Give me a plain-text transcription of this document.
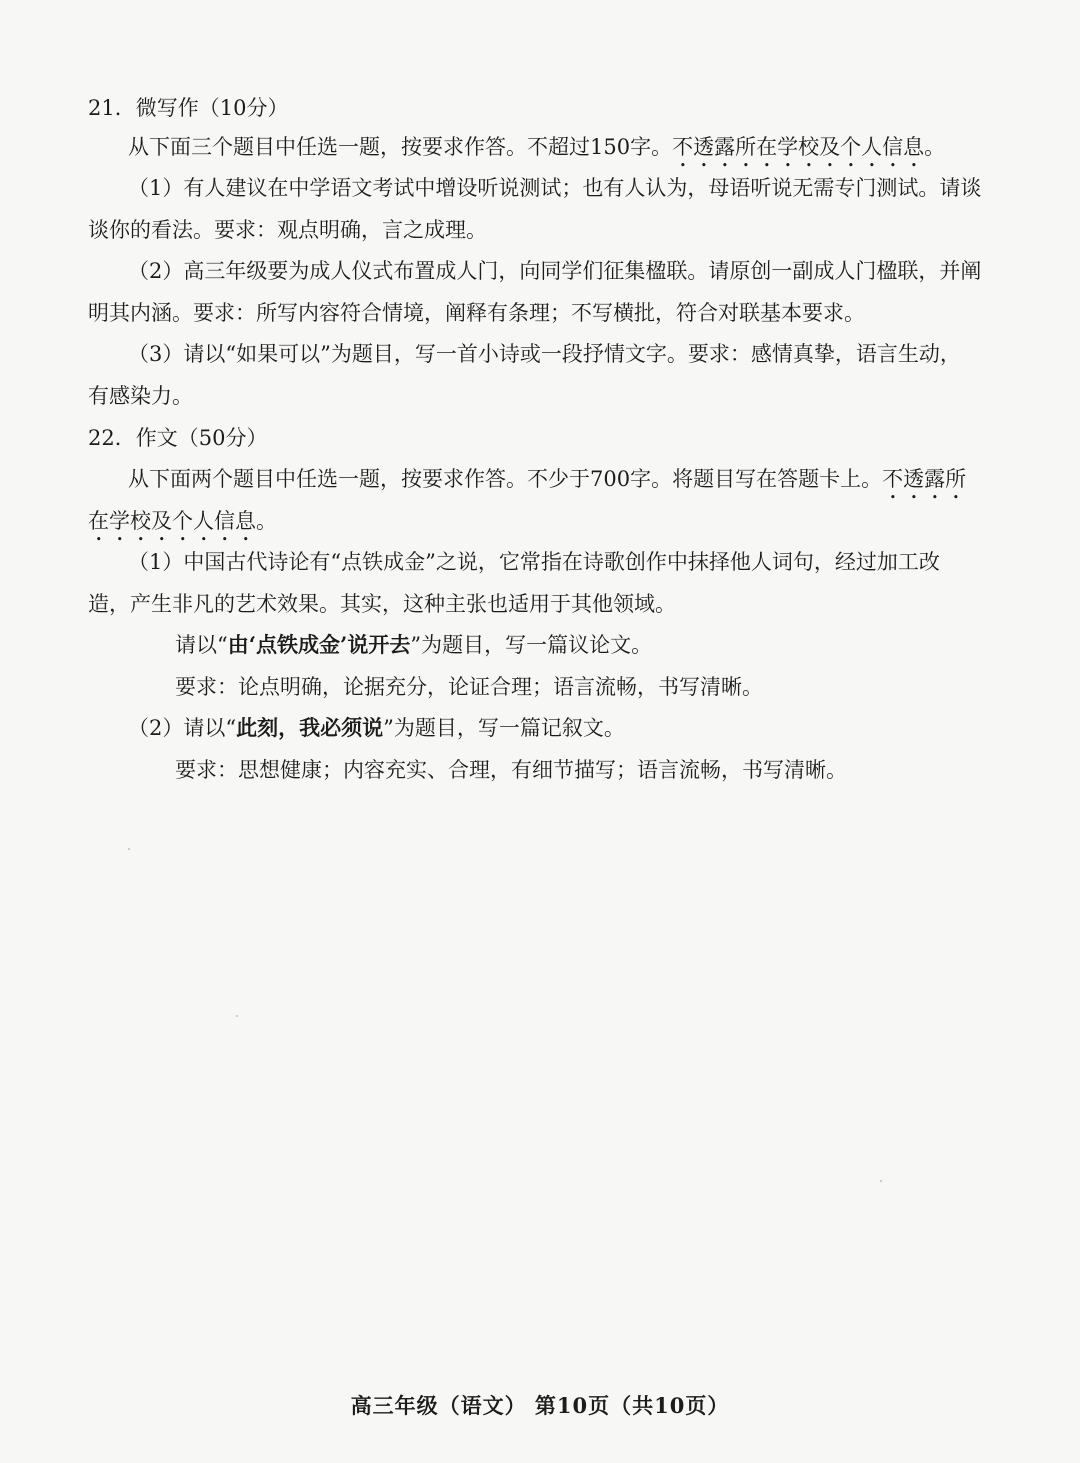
21．微写作（10分）
从下面三个题目中任选一题，按要求作答。不超过150字。不透露所在学校及个人信息。
（1）有人建议在中学语文考试中增设听说测试；也有人认为，母语听说无需专门测试。请谈
谈你的看法。要求：观点明确，言之成理。
（2）高三年级要为成人仪式布置成人门，向同学们征集楹联。请原创一副成人门楹联，并阐
明其内涵。要求：所写内容符合情境，阐释有条理；不写横批，符合对联基本要求。
（3）请以“如果可以”为题目，写一首小诗或一段抒情文字。要求：感情真挚，语言生动，
有感染力。
22．作文（50分）
从下面两个题目中任选一题，按要求作答。不少于700字。将题目写在答题卡上。不透露所
在学校及个人信息。
（1）中国古代诗论有“点铁成金”之说，它常指在诗歌创作中抹择他人词句，经过加工改
造，产生非凡的艺术效果。其实，这种主张也适用于其他领域。
请以“由‘点铁成金’说开去”为题目，写一篇议论文。
要求：论点明确，论据充分，论证合理；语言流畅，书写清晰。
（2）请以“此刻，我必须说”为题目，写一篇记叙文。
要求：思想健康；内容充实、合理，有细节描写；语言流畅，书写清晰。
高三年级（语文） 第10页（共10页）
